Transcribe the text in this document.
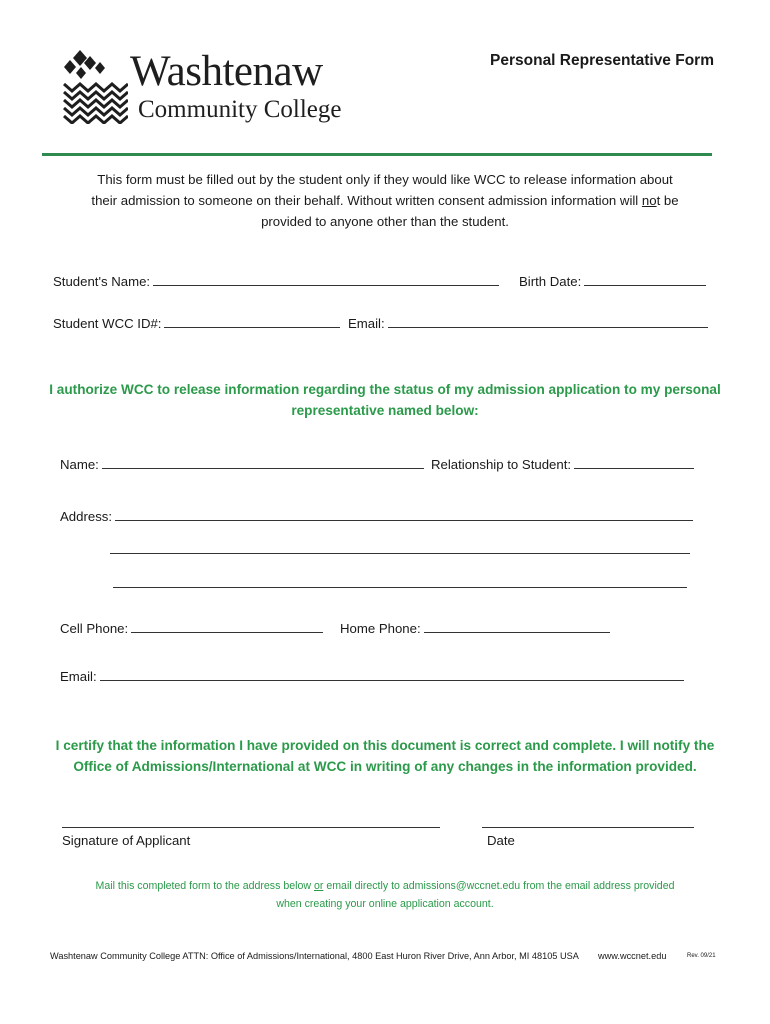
Washtenaw
Community College
Personal Representative Form
This form must be filled out by the student only if they would like WCC to release information about
their admission to someone on their behalf. Without written consent admission information will not be
provided to anyone other than the student.
Student's Name:	Birth Date:
Student WCC ID#:	Email:
I authorize WCC to release information regarding the status of my admission application to my personal
representative named below:
Name:	Relationship to Student:
Address:
Cell Phone:	Home Phone:
Email:
I certify that the information I have provided on this document is correct and complete. I will notify the
Office of Admissions/International at WCC in writing of any changes in the information provided.
Signature of Applicant	Date
Mail this completed form to the address below or email directly to admissions@wccnet.edu from the email address provided
when creating your online application account.
Washtenaw Community College ATTN: Office of Admissions/International, 4800 East Huron River Drive, Ann Arbor, MI 48105 USA www.wccnet.edu	Rev. 09/21
